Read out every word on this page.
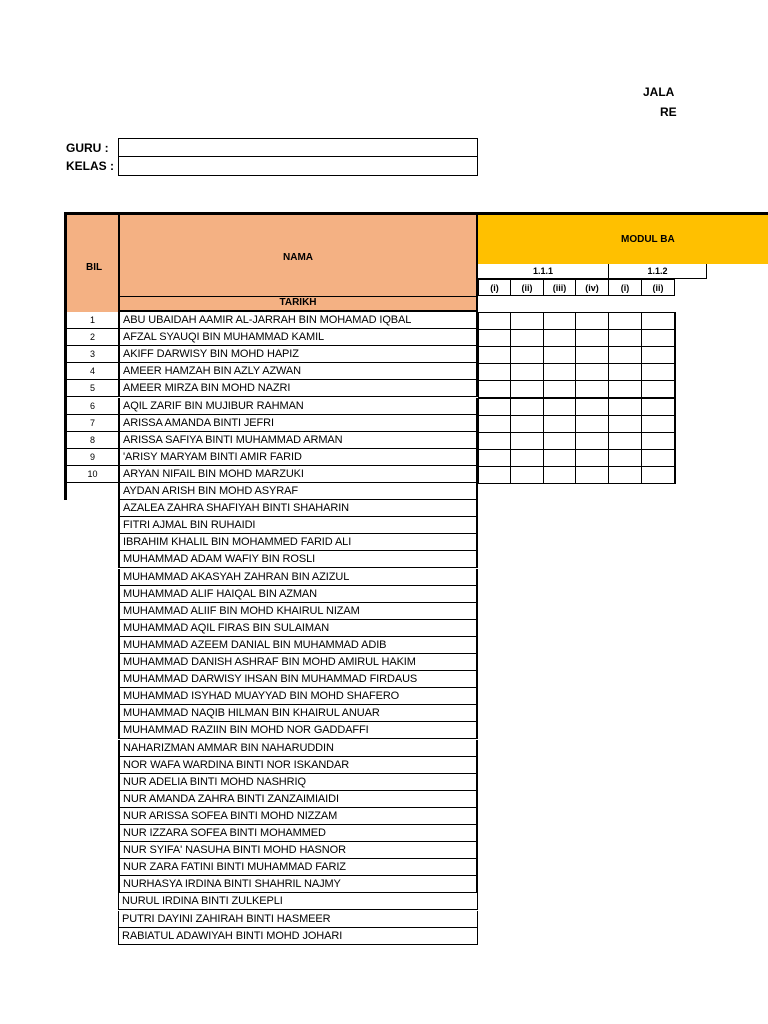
JALA
RE
GURU :
KELAS :
BIL
NAMA
TARIKH
MODUL BA
1.1.1	1.1.2
(i)	(ii)	(iii)	(iv)	(i)	(ii)
1	ABU UBAIDAH AAMIR AL-JARRAH BIN MOHAMAD IQBAL
2	AFZAL SYAUQI BIN MUHAMMAD KAMIL
3	AKIFF DARWISY BIN MOHD HAPIZ
4	AMEER HAMZAH BIN AZLY AZWAN
5	AMEER MIRZA BIN MOHD NAZRI
6	AQIL ZARIF BIN MUJIBUR RAHMAN
7	ARISSA AMANDA BINTI JEFRI
8	ARISSA SAFIYA BINTI MUHAMMAD ARMAN
9	'ARISY MARYAM BINTI AMIR FARID
10	ARYAN NIFAIL BIN MOHD MARZUKI
AYDAN ARISH BIN MOHD ASYRAF
AZALEA ZAHRA SHAFIYAH BINTI SHAHARIN
FITRI AJMAL BIN RUHAIDI
IBRAHIM KHALIL BIN MOHAMMED FARID ALI
MUHAMMAD ADAM WAFIY BIN ROSLI
MUHAMMAD AKASYAH ZAHRAN BIN AZIZUL
MUHAMMAD ALIF HAIQAL BIN AZMAN
MUHAMMAD ALIIF BIN MOHD KHAIRUL NIZAM
MUHAMMAD AQIL FIRAS BIN SULAIMAN
MUHAMMAD AZEEM DANIAL BIN MUHAMMAD ADIB
MUHAMMAD DANISH ASHRAF BIN MOHD AMIRUL HAKIM
MUHAMMAD DARWISY IHSAN BIN MUHAMMAD FIRDAUS
MUHAMMAD ISYHAD MUAYYAD BIN MOHD SHAFERO
MUHAMMAD NAQIB HILMAN BIN KHAIRUL ANUAR
MUHAMMAD RAZIIN BIN MOHD NOR GADDAFFI
NAHARIZMAN AMMAR BIN NAHARUDDIN
NOR WAFA WARDINA BINTI NOR ISKANDAR
NUR ADELIA BINTI MOHD NASHRIQ
NUR AMANDA ZAHRA BINTI ZANZAIMIAIDI
NUR ARISSA SOFEA BINTI MOHD NIZZAM
NUR IZZARA SOFEA BINTI MOHAMMED
NUR SYIFA' NASUHA BINTI MOHD HASNOR
NUR ZARA FATINI BINTI MUHAMMAD FARIZ
NURHASYA IRDINA BINTI SHAHRIL NAJMY
NURUL IRDINA BINTI ZULKEPLI
PUTRI DAYINI ZAHIRAH BINTI HASMEER
RABIATUL ADAWIYAH BINTI MOHD JOHARI
